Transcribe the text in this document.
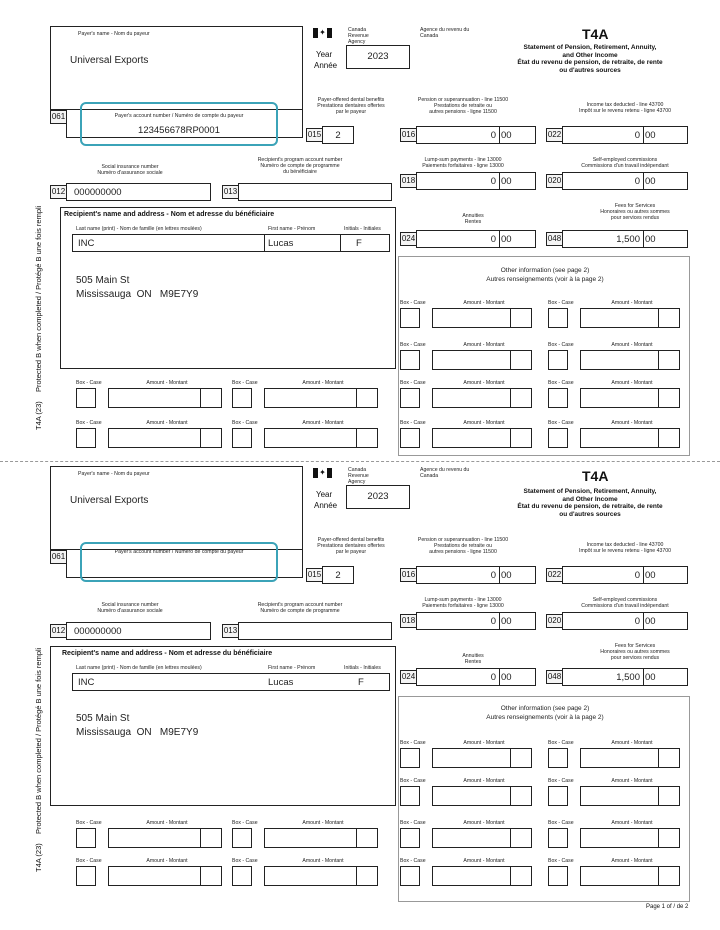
Payer's name - Nom du payeur
Universal Exports
061	Payer's account number / Numéro de compte du payeur
123456678RP0001
Protected B when completed / Protégé B une fois rempli
T4A (23)
✦	Canada Revenue Agency
Agence du revenu du Canada
Year
Année
2023
T4A
Statement of Pension, Retirement, Annuity,
and Other Income
État du revenu de pension, de retraite, de rente
ou d'autres sources
Payer-offered dental benefits
Prestations dentaires offertes
par le payeur
015	2
Pension or superannuation - line 11500
Prestations de retraite ou
autres pensions - ligne 11500
016	0 00
Income tax deducted - line 43700
Impôt sur le revenu retenu - ligne 43700
022	0 00
Social insurance number
Numéro d'assurance sociale
012 000000000
Recipient's program account number
Numéro de compte de programme
du bénéficiaire
013
Lump-sum payments - line 13000
Paiements forfaitaires - ligne 13000
018	0 00
Self-employed commissions
Commissions d'un travail indépendant
020	0 00
Recipient's name and address - Nom et adresse du bénéficiaire
Last name (print) - Nom de famille (en lettres moulées)	First name - Prénom	Initials - Initiales
INC	Lucas	F
505 Main St
Mississauga  ON   M9E7Y9
Annuities
Rentes
024	0 00
Fees for Services
Honoraires ou autres sommes
pour services rendus
048	1,500 00
Other information (see page 2)
Autres renseignements (voir à la page 2)
Box - Case	Amount - Montant	Box - Case	Amount - Montant
Box - Case	Amount - Montant	Box - Case	Amount - Montant
Box - Case	Amount - Montant	Box - Case	Amount - Montant
Box - Case	Amount - Montant	Box - Case	Amount - Montant
Box - Case	Amount - Montant	Box - Case	Amount - Montant
Box - Case	Amount - Montant	Box - Case	Amount - Montant
Payer's name - Nom du payeur
Universal Exports
061	Payer's account number / Numéro de compte du payeur
Protected B when completed / Protégé B une fois rempli
T4A (23)
✦	Canada Revenue Agency
Agence du revenu du Canada
Year
Année
2023
T4A
Statement of Pension, Retirement, Annuity,
and Other Income
État du revenu de pension, de retraite, de rente
ou d'autres sources
Payer-offered dental benefits
Prestations dentaires offertes
par le payeur
015	2
Pension or superannuation - line 11500
Prestations de retraite ou
autres pensions - ligne 11500
016	0 00
Income tax deducted - line 43700
Impôt sur le revenu retenu - ligne 43700
022	0 00
Social insurance number
Numéro d'assurance sociale
012 000000000
Recipient's program account number
Numéro de compte de programme
013
Lump-sum payments - line 13000
Paiements forfaitaires - ligne 13000
018	0 00
Self-employed commissions
Commissions d'un travail indépendant
020	0 00
Recipient's name and address - Nom et adresse du bénéficiaire
Last name (print) - Nom de famille (en lettres moulées)	First name - Prénom	Initials - Initiales
INC	Lucas	F
505 Main St
Mississauga  ON   M9E7Y9
Annuities
Rentes
024	0 00
Fees for Services
Honoraires ou autres sommes
pour services rendus
048	1,500 00
Other information (see page 2)
Autres renseignements (voir à la page 2)
Page 1 of / de 2
Box - Case	Amount - Montant	Box - Case	Amount - Montant
Box - Case	Amount - Montant	Box - Case	Amount - Montant
Box - Case	Amount - Montant	Box - Case	Amount - Montant
Box - Case	Amount - Montant	Box - Case	Amount - Montant
Box - Case	Amount - Montant	Box - Case	Amount - Montant
Box - Case	Amount - Montant	Box - Case	Amount - Montant
